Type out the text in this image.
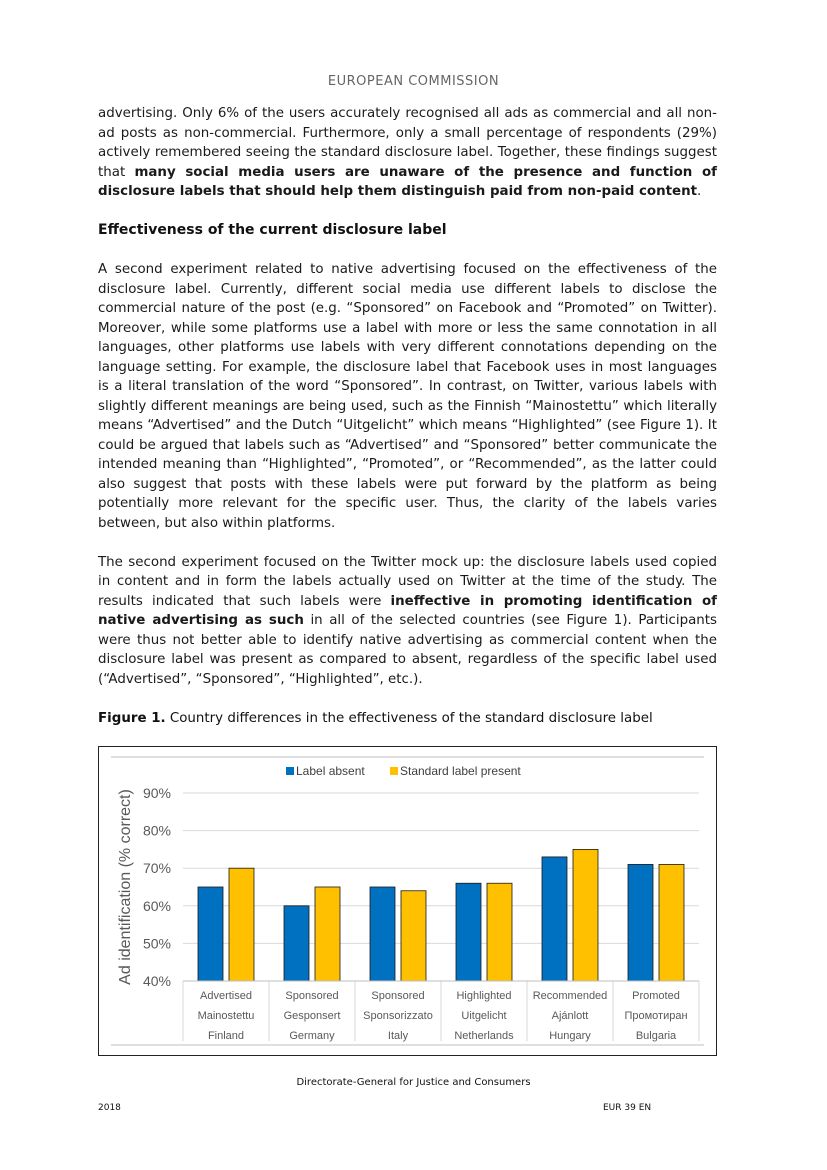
EUROPEAN COMMISSION

advertising. Only 6% of the users accurately recognised all ads as commercial and all non-ad posts as non-commercial. Furthermore, only a small percentage of respondents (29%) actively remembered seeing the standard disclosure label. Together, these findings suggest that many social media users are unaware of the presence and function of disclosure labels that should help them distinguish paid from non-paid content.

Effectiveness of the current disclosure label

A second experiment related to native advertising focused on the effectiveness of the disclosure label. Currently, different social media use different labels to disclose the commercial nature of the post (e.g. “Sponsored” on Facebook and “Promoted” on Twitter). Moreover, while some platforms use a label with more or less the same connotation in all languages, other platforms use labels with very different connotations depending on the language setting. For example, the disclosure label that Facebook uses in most languages is a literal translation of the word “Sponsored”. In contrast, on Twitter, various labels with slightly different meanings are being used, such as the Finnish “Mainostettu” which literally means “Advertised” and the Dutch “Uitgelicht” which means “Highlighted” (see Figure 1). It could be argued that labels such as “Advertised” and “Sponsored” better communicate the intended meaning than “Highlighted”, “Promoted”, or “Recommended”, as the latter could also suggest that posts with these labels were put forward by the platform as being potentially more relevant for the specific user. Thus, the clarity of the labels varies between, but also within platforms.

The second experiment focused on the Twitter mock up: the disclosure labels used copied in content and in form the labels actually used on Twitter at the time of the study. The results indicated that such labels were ineffective in promoting identification of native advertising as such in all of the selected countries (see Figure 1). Participants were thus not better able to identify native advertising as commercial content when the disclosure label was present as compared to absent, regardless of the specific label used (“Advertised”, “Sponsored”, “Highlighted”, etc.).

Figure 1. Country differences in the effectiveness of the standard disclosure label
40%
50%
60%
70%
80%
90%
Ad identification (% correct)
Label absent	Standard label present
Advertised
Mainostettu
Finland
Sponsored
Gesponsert
Germany
Sponsored
Sponsorizzato
Italy
Highlighted
Uitgelicht
Netherlands
Recommended
Ajánlott
Hungary
Promoted
Промотиран
Bulgaria
Directorate-General for Justice and Consumers
2018	EUR 39 EN
